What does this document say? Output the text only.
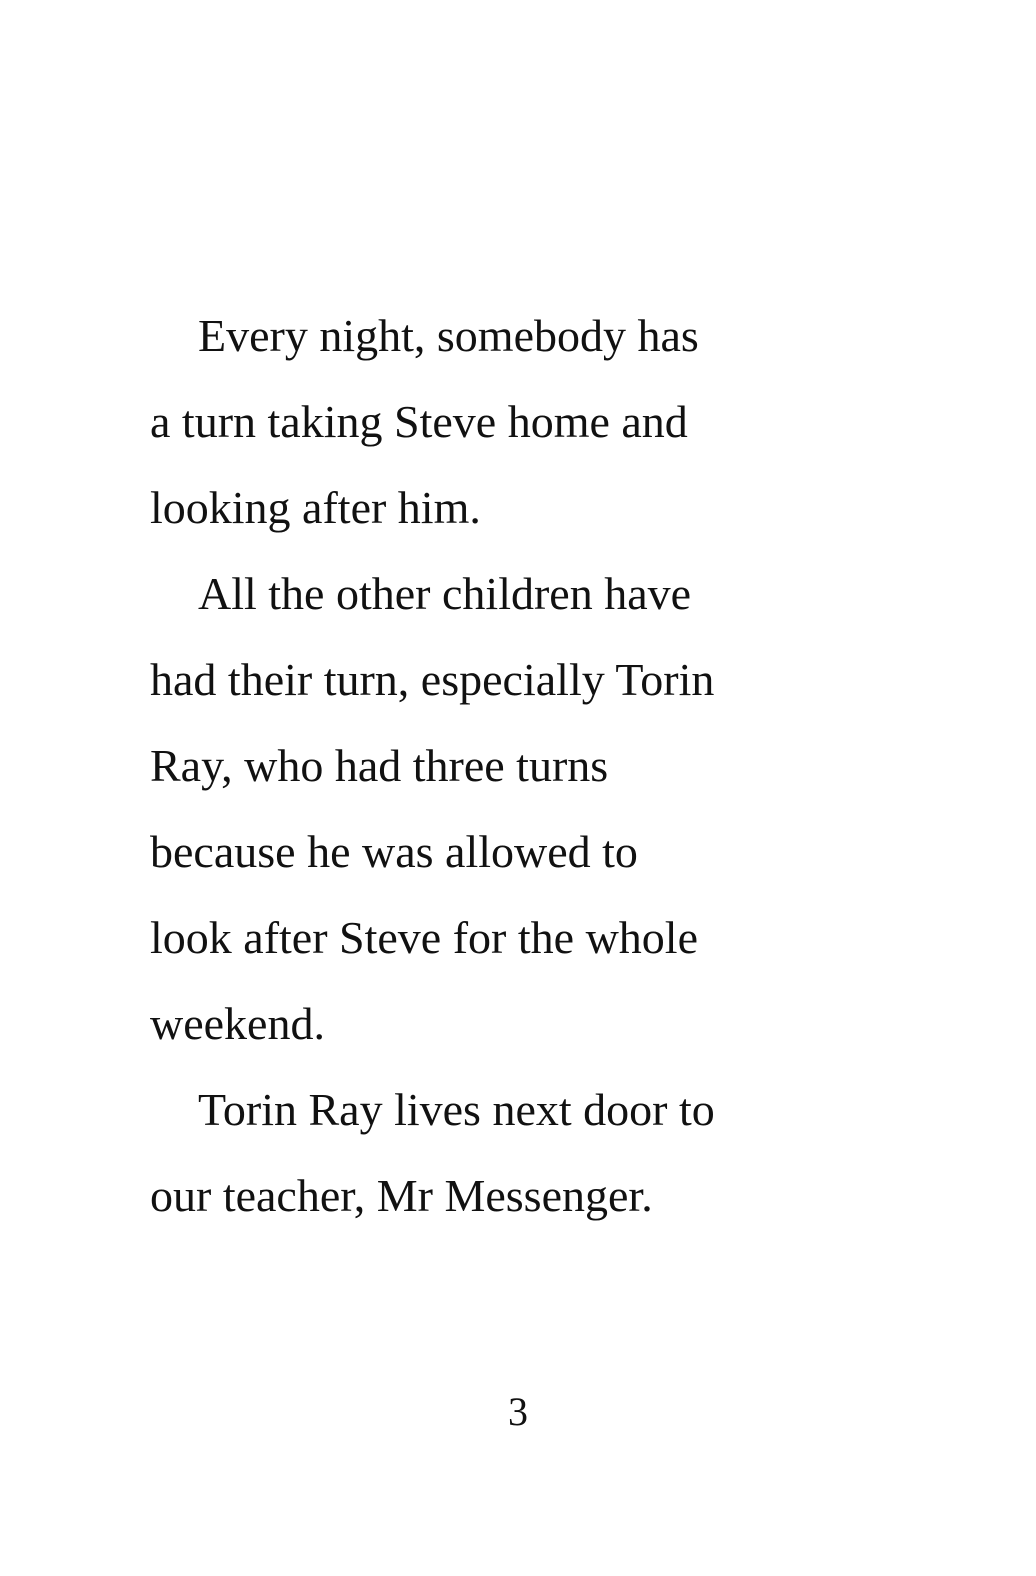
Every night, somebody has
a turn taking Steve home and
looking after him.
All the other children have
had their turn, especially Torin
Ray, who had three turns
because he was allowed to
look after Steve for the whole
weekend.
Torin Ray lives next door to
our teacher, Mr Messenger.
3
